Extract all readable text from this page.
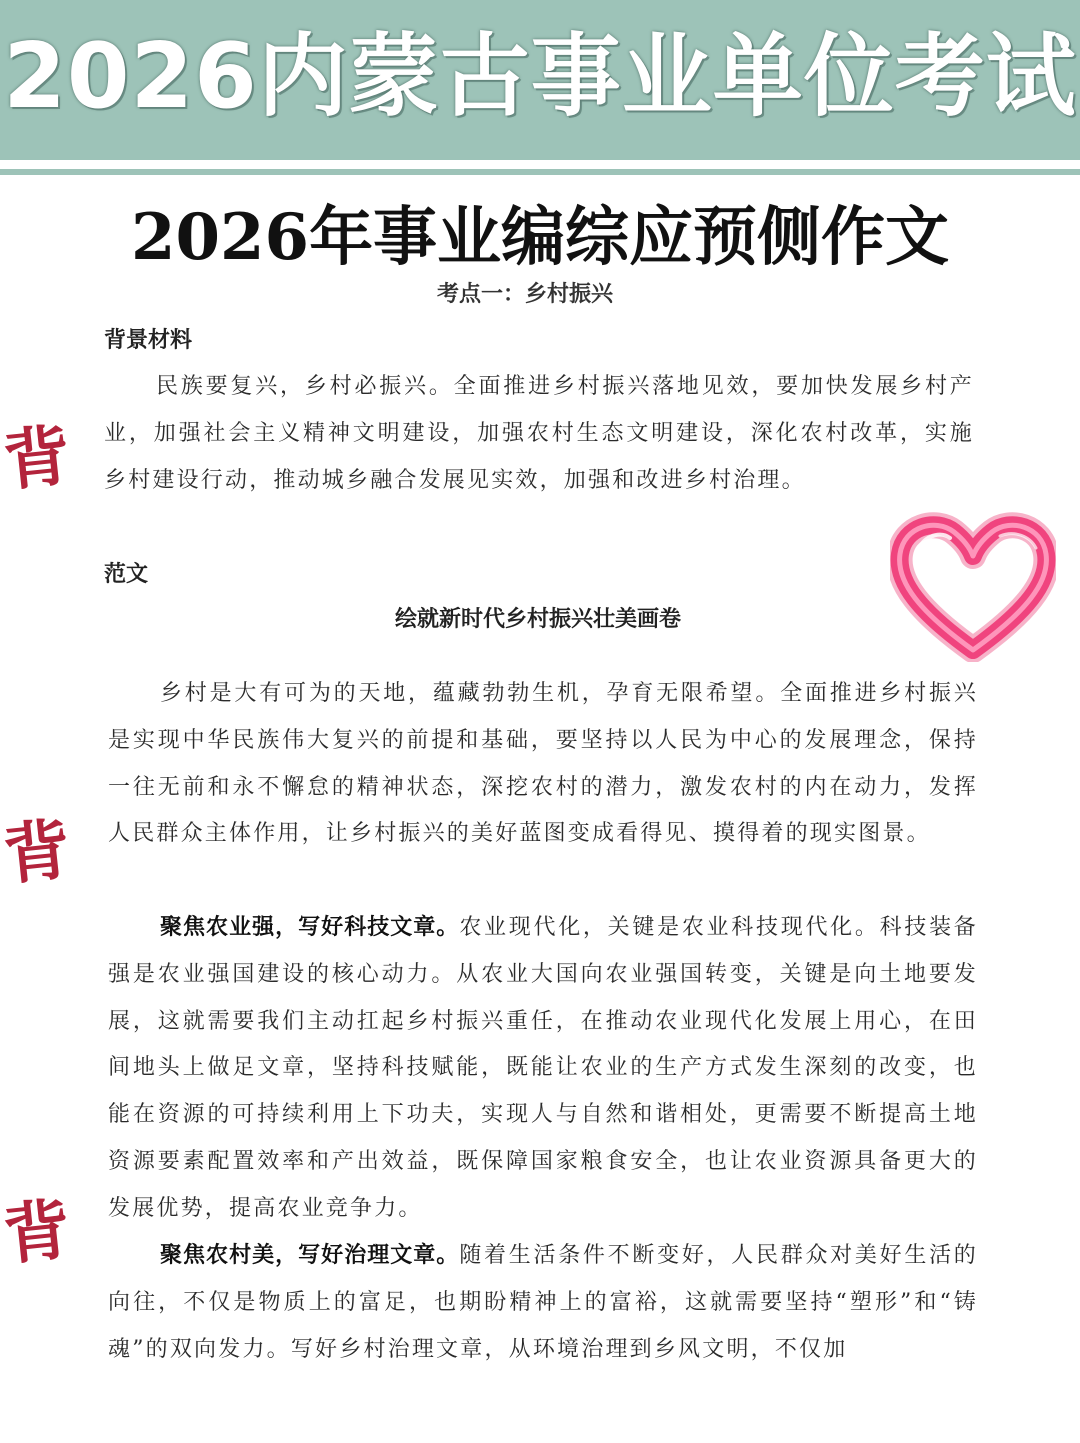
2026内蒙古事业单位考试
2026年事业编综应预侧作文
考点一：乡村振兴
背景材料

民族要复兴，乡村必振兴。全面推进乡村振兴落地见效，要加快发展乡村产业，加强社会主义精神文明建设，加强农村生态文明建设，深化农村改革，实施乡村建设行动，推动城乡融合发展见实效，加强和改进乡村治理。

范文
绘就新时代乡村振兴壮美画卷

乡村是大有可为的天地，蕴藏勃勃生机，孕育无限希望。全面推进乡村振兴是实现中华民族伟大复兴的前提和基础，要坚持以人民为中心的发展理念，保持一往无前和永不懈怠的精神状态，深挖农村的潜力，激发农村的内在动力，发挥人民群众主体作用，让乡村振兴的美好蓝图变成看得见、摸得着的现实图景。

聚焦农业强，写好科技文章。农业现代化，关键是农业科技现代化。科技装备强是农业强国建设的核心动力。从农业大国向农业强国转变，关键是向土地要发展，这就需要我们主动扛起乡村振兴重任，在推动农业现代化发展上用心，在田间地头上做足文章，坚持科技赋能，既能让农业的生产方式发生深刻的改变，也能在资源的可持续利用上下功夫，实现人与自然和谐相处，更需要不断提高土地资源要素配置效率和产出效益，既保障国家粮食安全，也让农业资源具备更大的发展优势，提高农业竞争力。

聚焦农村美，写好治理文章。随着生活条件不断变好，人民群众对美好生活的向往，不仅是物质上的富足，也期盼精神上的富裕，这就需要坚持“塑形”和“铸魂”的双向发力。写好乡村治理文章，从环境治理到乡风文明，不仅加

背
背
背
